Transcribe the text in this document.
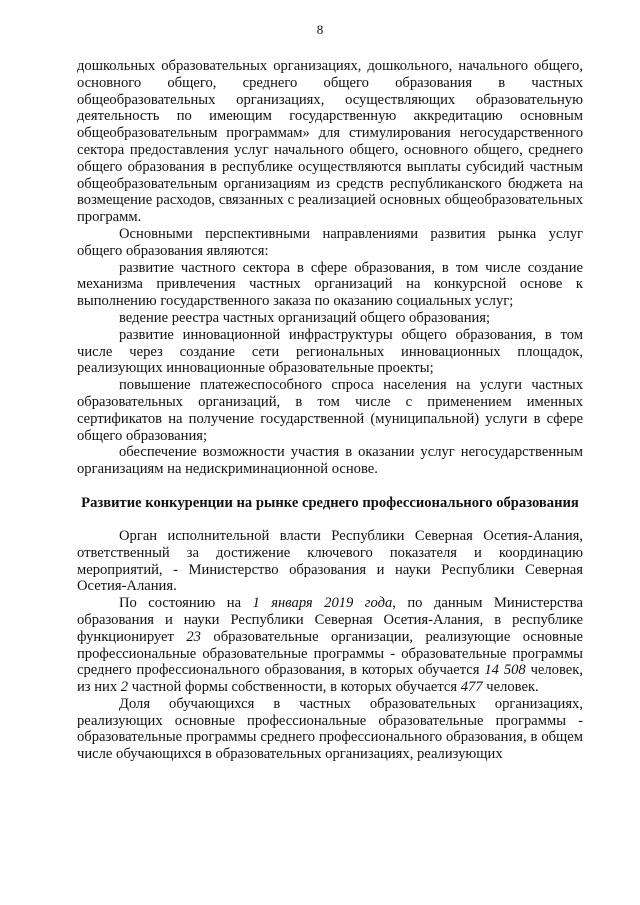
8

дошкольных образовательных организациях, дошкольного, начального общего, основного общего, среднего общего образования в частных общеобразовательных организациях, осуществляющих образовательную деятельность по имеющим государственную аккредитацию основным общеобразовательным программам» для стимулирования негосударственного сектора предоставления услуг начального общего, основного общего, среднего общего образования в республике осуществляются выплаты субсидий частным общеобразовательным организациям из средств республиканского бюджета на возмещение расходов, связанных с реализацией основных общеобразовательных программ.

Основными перспективными направлениями развития рынка услуг общего образования являются:

развитие частного сектора в сфере образования, в том числе создание механизма привлечения частных организаций на конкурсной основе к выполнению государственного заказа по оказанию социальных услуг;

ведение реестра частных организаций общего образования;

развитие инновационной инфраструктуры общего образования, в том числе через создание сети региональных инновационных площадок, реализующих инновационные образовательные проекты;

повышение платежеспособного спроса населения на услуги частных образовательных организаций, в том числе с применением именных сертификатов на получение государственной (муниципальной) услуги в сфере общего образования;

обеспечение возможности участия в оказании услуг негосударственным организациям на недискриминационной основе.

Развитие конкуренции на рынке среднего профессионального образования

Орган исполнительной власти Республики Северная Осетия-Алания, ответственный за достижение ключевого показателя и координацию мероприятий, - Министерство образования и науки Республики Северная Осетия-Алания.

По состоянию на 1 января 2019 года, по данным Министерства образования и науки Республики Северная Осетия-Алания, в республике функционирует 23 образовательные организации, реализующие основные профессиональные образовательные программы - образовательные программы среднего профессионального образования, в которых обучается 14 508 человек, из них 2 частной формы собственности, в которых обучается 477 человек.

Доля обучающихся в частных образовательных организациях, реализующих основные профессиональные образовательные программы - образовательные программы среднего профессионального образования, в общем числе обучающихся в образовательных организациях, реализующих
